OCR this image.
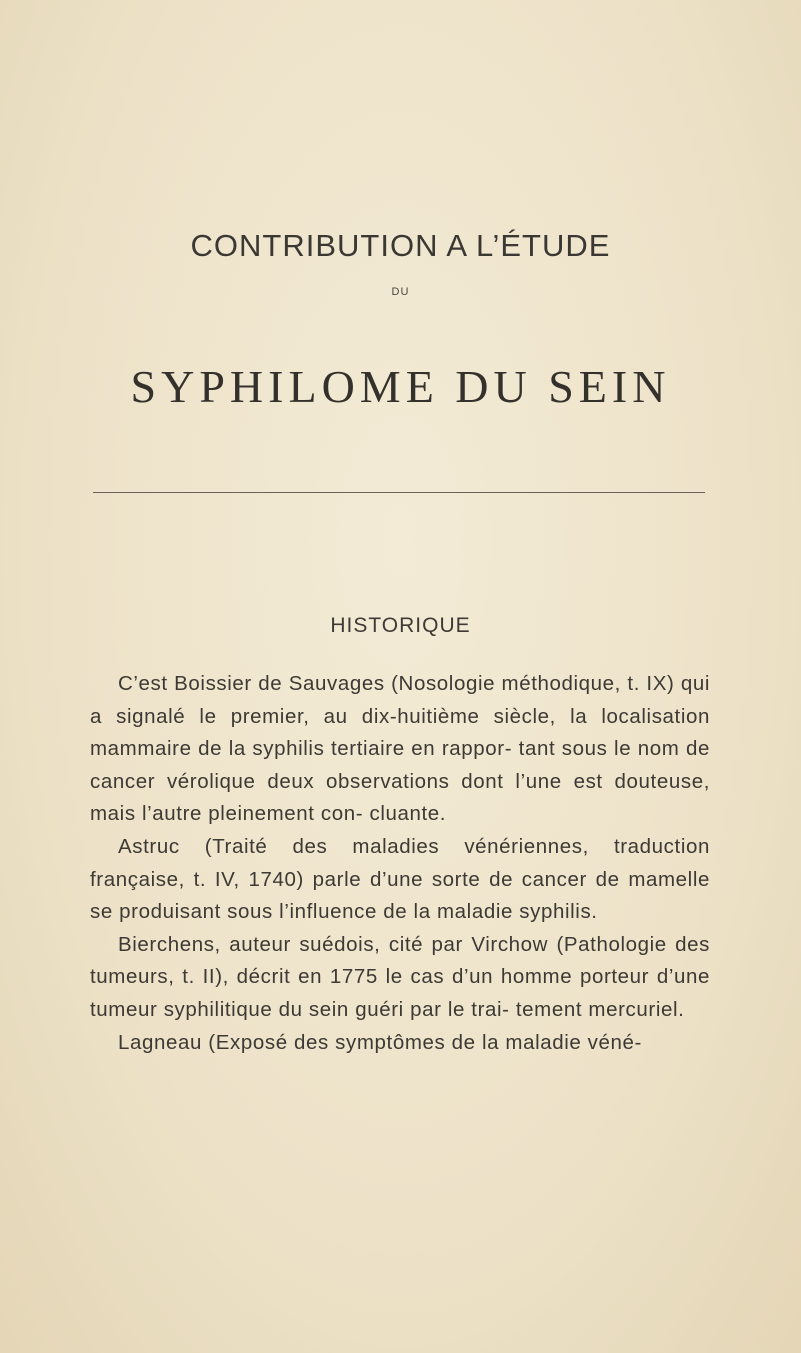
CONTRIBUTION A L’ÉTUDE
DU
SYPHILOME DU SEIN
HISTORIQUE

C’est Boissier de Sauvages (Nosologie méthodique, t. IX) qui a signalé le premier, au dix-huitième siècle, la localisation mammaire de la syphilis tertiaire en rappor- tant sous le nom de cancer vérolique deux observations dont l’une est douteuse, mais l’autre pleinement con- cluante.

Astruc (Traité des maladies vénériennes, traduction française, t. IV, 1740) parle d’une sorte de cancer de mamelle se produisant sous l’influence de la maladie syphilis.

Bierchens, auteur suédois, cité par Virchow (Pathologie des tumeurs, t. II), décrit en 1775 le cas d’un homme porteur d’une tumeur syphilitique du sein guéri par le trai- tement mercuriel.

Lagneau (Exposé des symptômes de la maladie véné-
